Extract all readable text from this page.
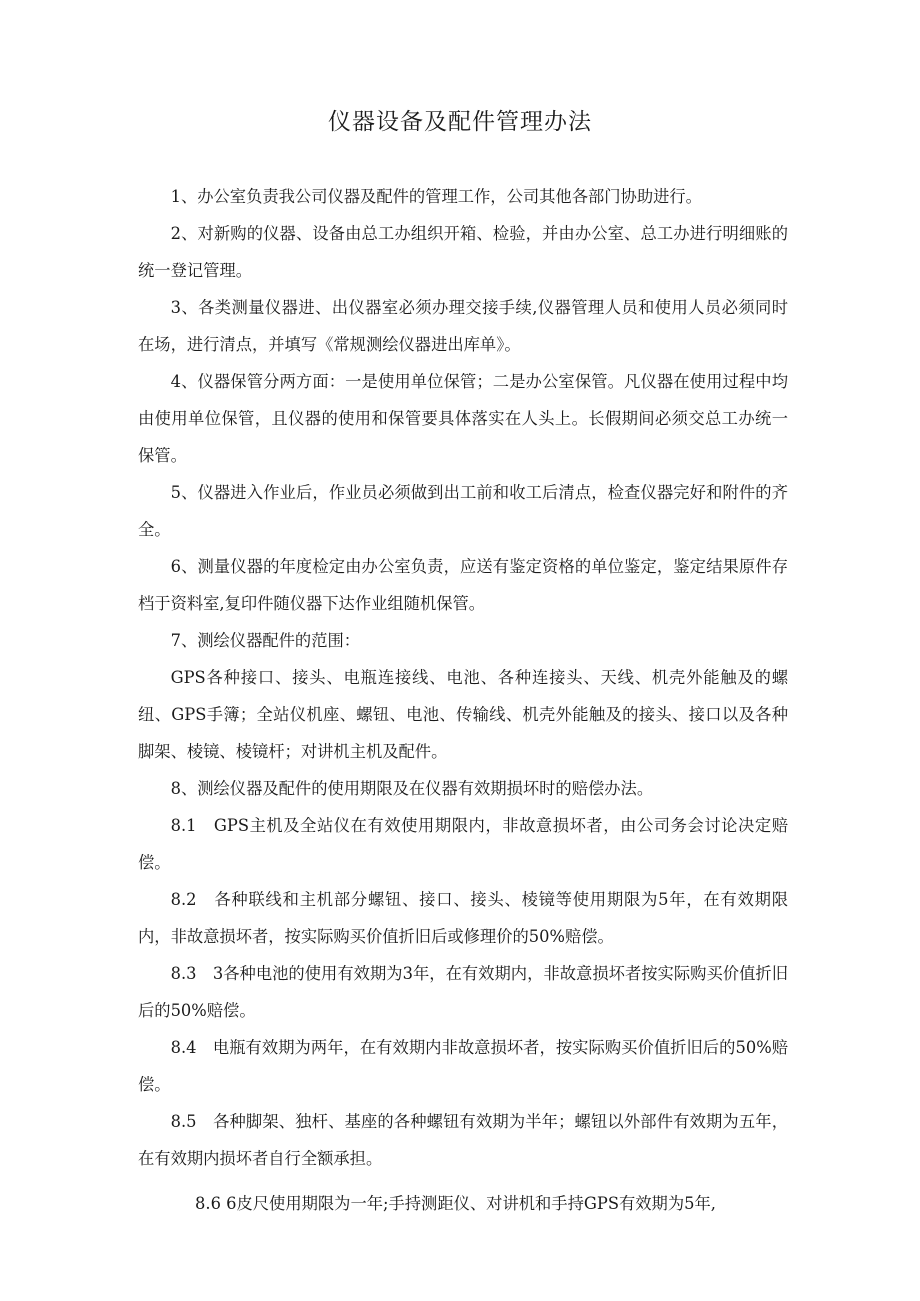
仪器设备及配件管理办法

1、办公室负责我公司仪器及配件的管理工作，公司其他各部门协助进行。

2、对新购的仪器、设备由总工办组织开箱、检验，并由办公室、总工办进行明细账的统一登记管理。

3、各类测量仪器进、出仪器室必须办理交接手续,仪器管理人员和使用人员必须同时在场，进行清点，并填写《常规测绘仪器进出库单》。

4、仪器保管分两方面：一是使用单位保管；二是办公室保管。凡仪器在使用过程中均由使用单位保管，且仪器的使用和保管要具体落实在人头上。长假期间必须交总工办统一保管。

5、仪器进入作业后，作业员必须做到出工前和收工后清点，检查仪器完好和附件的齐全。

6、测量仪器的年度检定由办公室负责，应送有鉴定资格的单位鉴定，鉴定结果原件存档于资料室,复印件随仪器下达作业组随机保管。

7、测绘仪器配件的范围：

GPS各种接口、接头、电瓶连接线、电池、各种连接头、天线、机壳外能触及的螺纽、GPS手簿；全站仪机座、螺钮、电池、传输线、机壳外能触及的接头、接口以及各种脚架、棱镜、棱镜杆；对讲机主机及配件。

8、测绘仪器及配件的使用期限及在仪器有效期损坏时的赔偿办法。

8.1　GPS主机及全站仪在有效使用期限内，非故意损坏者，由公司务会讨论决定赔偿。

8.2　各种联线和主机部分螺钮、接口、接头、棱镜等使用期限为5年，在有效期限内，非故意损坏者，按实际购买价值折旧后或修理价的50%赔偿。

8.3　3各种电池的使用有效期为3年，在有效期内，非故意损坏者按实际购买价值折旧后的50%赔偿。

8.4　电瓶有效期为两年，在有效期内非故意损坏者，按实际购买价值折旧后的50%赔偿。

8.5　各种脚架、独杆、基座的各种螺钮有效期为半年；螺钮以外部件有效期为五年，在有效期内损坏者自行全额承担。

8.6 6皮尺使用期限为一年;手持测距仪、对讲机和手持GPS有效期为5年,
